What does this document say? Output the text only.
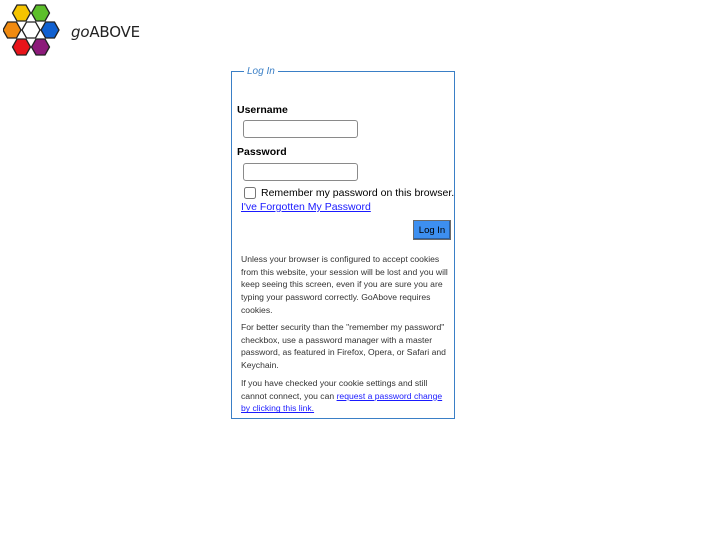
goABOVE
Log In
Username
Password
Remember my password on this browser.
I've Forgotten My Password
Log In

Unless your browser is configured to accept cookies from this website, your session will be lost and you will keep seeing this screen, even if you are sure you are typing your password correctly. GoAbove requires cookies.

For better security than the "remember my password" checkbox, use a password manager with a master password, as featured in Firefox, Opera, or Safari and Keychain.

If you have checked your cookie settings and still cannot connect, you can request a password change by clicking this link.
